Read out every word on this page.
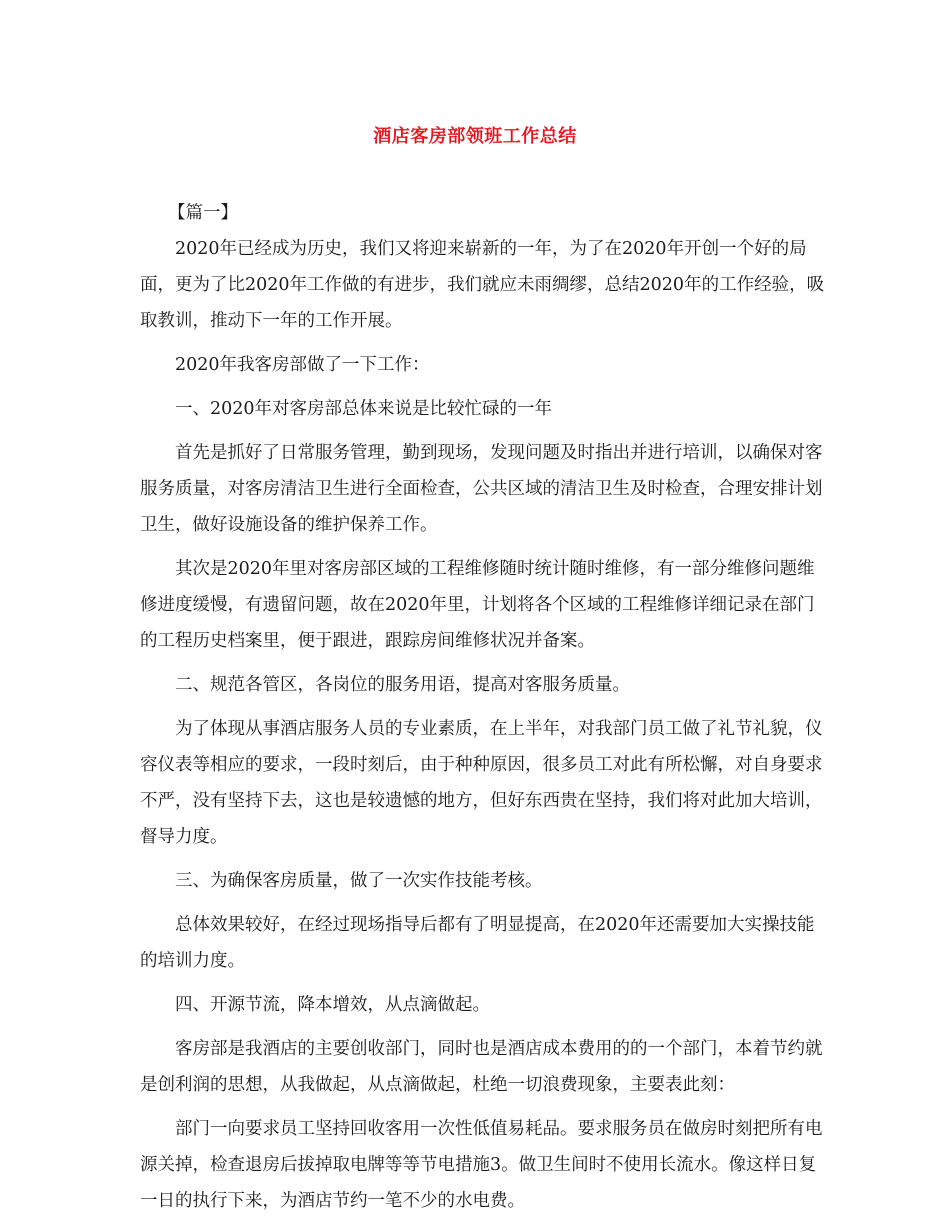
酒店客房部领班工作总结

【篇一】

2020年已经成为历史，我们又将迎来崭新的一年，为了在2020年开创一个好的局面，更为了比2020年工作做的有进步，我们就应未雨绸缪，总结2020年的工作经验，吸取教训，推动下一年的工作开展。

2020年我客房部做了一下工作：

一、2020年对客房部总体来说是比较忙碌的一年

首先是抓好了日常服务管理，勤到现场，发现问题及时指出并进行培训，以确保对客服务质量，对客房清洁卫生进行全面检查，公共区域的清洁卫生及时检查，合理安排计划卫生，做好设施设备的维护保养工作。

其次是2020年里对客房部区域的工程维修随时统计随时维修，有一部分维修问题维修进度缓慢，有遗留问题，故在2020年里，计划将各个区域的工程维修详细记录在部门的工程历史档案里，便于跟进，跟踪房间维修状况并备案。

二、规范各管区，各岗位的服务用语，提高对客服务质量。

为了体现从事酒店服务人员的专业素质，在上半年，对我部门员工做了礼节礼貌，仪容仪表等相应的要求，一段时刻后，由于种种原因，很多员工对此有所松懈，对自身要求不严，没有坚持下去，这也是较遗憾的地方，但好东西贵在坚持，我们将对此加大培训，督导力度。

三、为确保客房质量，做了一次实作技能考核。

总体效果较好，在经过现场指导后都有了明显提高，在2020年还需要加大实操技能的培训力度。

四、开源节流，降本增效，从点滴做起。

客房部是我酒店的主要创收部门，同时也是酒店成本费用的的一个部门，本着节约就是创利润的思想，从我做起，从点滴做起，杜绝一切浪费现象，主要表此刻：

部门一向要求员工坚持回收客用一次性低值易耗品。要求服务员在做房时刻把所有电源关掉，检查退房后拔掉取电牌等等节电措施3。做卫生间时不使用长流水。像这样日复一日的执行下来，为酒店节约一笔不少的水电费。
